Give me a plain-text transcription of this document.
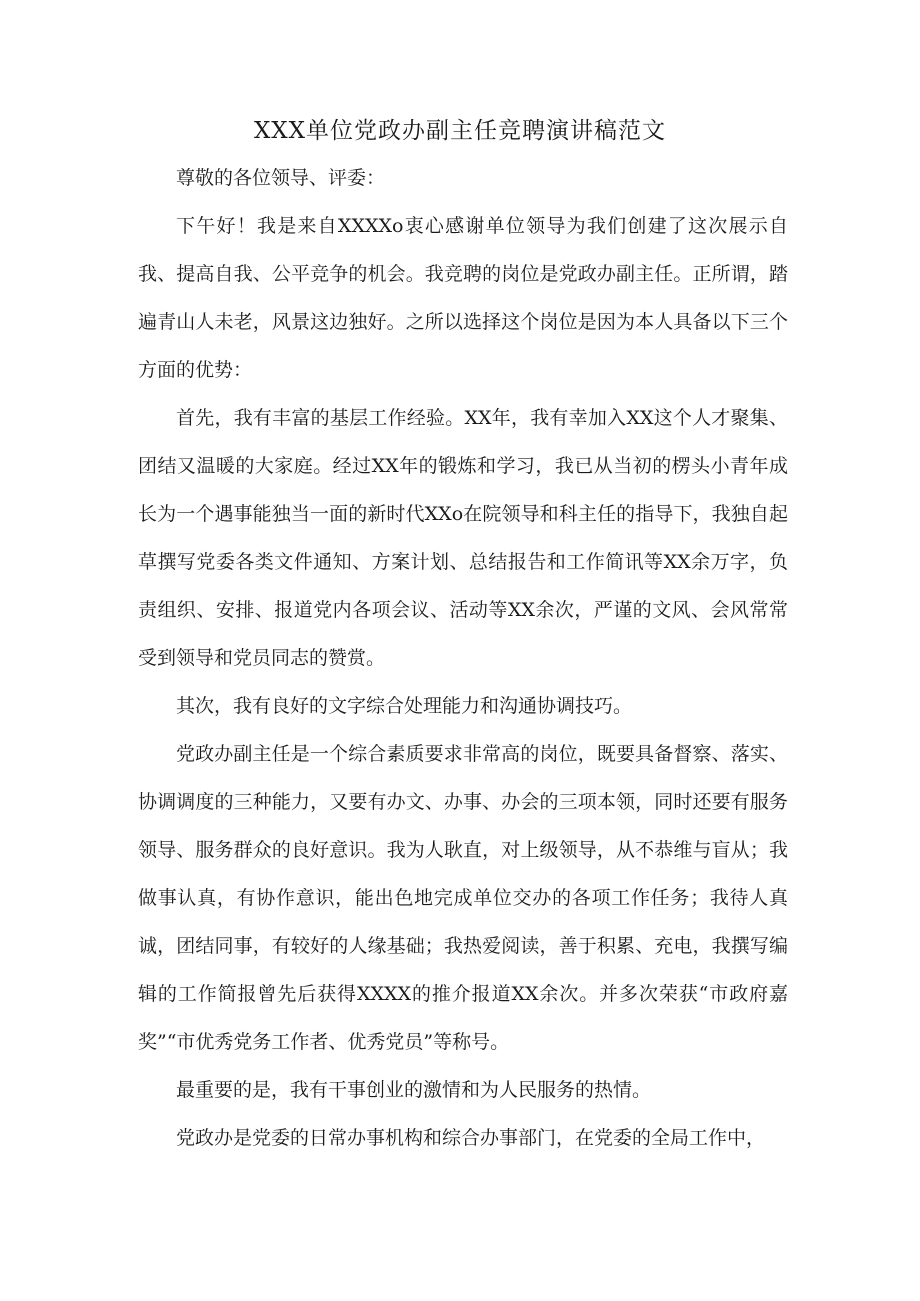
XXX单位党政办副主任竞聘演讲稿范文

尊敬的各位领导、评委：

下午好！我是来自XXXXo衷心感谢单位领导为我们创建了这次展示自我、提高自我、公平竞争的机会。我竞聘的岗位是党政办副主任。正所谓，踏遍青山人未老，风景这边独好。之所以选择这个岗位是因为本人具备以下三个方面的优势：

首先，我有丰富的基层工作经验。XX年，我有幸加入XX这个人才聚集、团结又温暖的大家庭。经过XX年的锻炼和学习，我已从当初的楞头小青年成长为一个遇事能独当一面的新时代XXo在院领导和科主任的指导下，我独自起草撰写党委各类文件通知、方案计划、总结报告和工作简讯等XX余万字，负责组织、安排、报道党内各项会议、活动等XX余次，严谨的文风、会风常常受到领导和党员同志的赞赏。

其次，我有良好的文字综合处理能力和沟通协调技巧。

党政办副主任是一个综合素质要求非常高的岗位，既要具备督察、落实、协调调度的三种能力，又要有办文、办事、办会的三项本领，同时还要有服务领导、服务群众的良好意识。我为人耿直，对上级领导，从不恭维与盲从；我做事认真，有协作意识，能出色地完成单位交办的各项工作任务；我待人真诚，团结同事，有较好的人缘基础；我热爱阅读，善于积累、充电，我撰写编辑的工作简报曾先后获得XXXX的推介报道XX余次。并多次荣获“市政府嘉奖”“市优秀党务工作者、优秀党员”等称号。

最重要的是，我有干事创业的激情和为人民服务的热情。

党政办是党委的日常办事机构和综合办事部门，在党委的全局工作中，
